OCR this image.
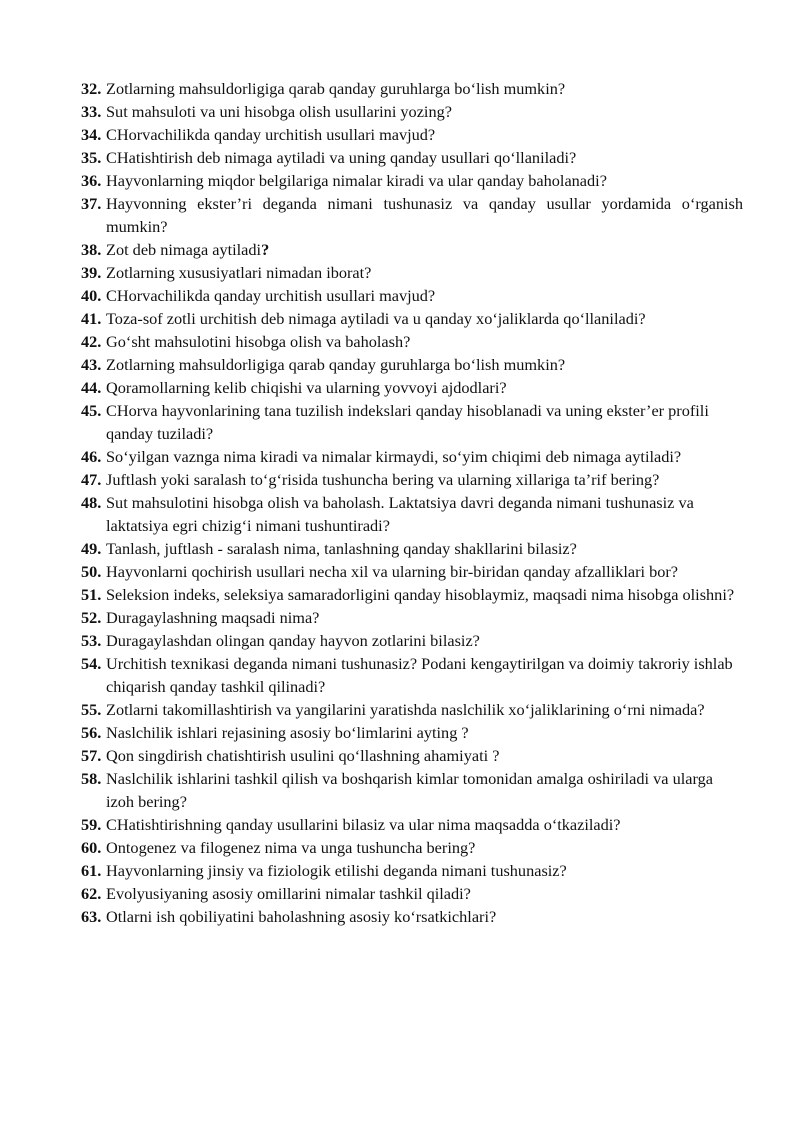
32. Zotlarning mahsuldorligiga qarab qanday guruhlarga bo‘lish mumkin?
33. Sut mahsuloti va uni hisobga olish usullarini yozing?
34. CHorvachilikda qanday urchitish usullari mavjud?
35. CHatishtirish deb nimaga aytiladi va uning qanday usullari qo‘llaniladi?
36. Hayvonlarning miqdor belgilariga nimalar kiradi va ular qanday baholanadi?
37. Hayvonning ekster’ri deganda nimani tushunasiz va qanday usullar yordamida o‘rganish mumkin?
38. Zot deb nimaga aytiladi?
39. Zotlarning xususiyatlari nimadan iborat?
40. CHorvachilikda qanday urchitish usullari mavjud?
41. Toza-sof zotli urchitish deb nimaga aytiladi va u qanday xo‘jaliklarda qo‘llaniladi?
42. Go‘sht mahsulotini hisobga olish va baholash?
43. Zotlarning mahsuldorligiga qarab qanday guruhlarga bo‘lish mumkin?
44. Qoramollarning kelib chiqishi va ularning yovvoyi ajdodlari?
45. CHorva hayvonlarining tana tuzilish indekslari qanday hisoblanadi va uning ekster’er profili qanday tuziladi?
46. So‘yilgan vaznga nima kiradi va nimalar kirmaydi, so‘yim chiqimi deb nimaga aytiladi?
47. Juftlash yoki saralash to‘g‘risida tushuncha bering va ularning xillariga ta’rif bering?
48. Sut mahsulotini hisobga olish va baholash. Laktatsiya davri deganda nimani tushunasiz va laktatsiya egri chizig‘i nimani tushuntiradi?
49. Tanlash, juftlash - saralash nima, tanlashning qanday shakllarini bilasiz?
50. Hayvonlarni qochirish usullari necha xil va ularning bir-biridan qanday afzalliklari bor?
51. Seleksion indeks, seleksiya samaradorligini qanday hisoblaymiz, maqsadi nima hisobga olishni?
52. Duragaylashning maqsadi nima?
53. Duragaylashdan olingan qanday hayvon zotlarini bilasiz?
54. Urchitish texnikasi deganda nimani tushunasiz? Podani kengaytirilgan va doimiy takroriy ishlab chiqarish qanday tashkil qilinadi?
55. Zotlarni takomillashtirish va yangilarini yaratishda naslchilik xo‘jaliklarining o‘rni nimada?
56. Naslchilik ishlari rejasining asosiy bo‘limlarini ayting ?
57. Qon singdirish chatishtirish usulini qo‘llashning ahamiyati ?
58. Naslchilik ishlarini tashkil qilish va boshqarish kimlar tomonidan amalga oshiriladi va ularga izoh bering?
59. CHatishtirishning qanday usullarini bilasiz va ular nima maqsadda o‘tkaziladi?
60. Ontogenez va filogenez nima va unga tushuncha bering?
61. Hayvonlarning jinsiy va fiziologik etilishi deganda nimani tushunasiz?
62. Evolyusiyaning asosiy omillarini nimalar tashkil qiladi?
63. Otlarni ish qobiliyatini baholashning asosiy ko‘rsatkichlari?
